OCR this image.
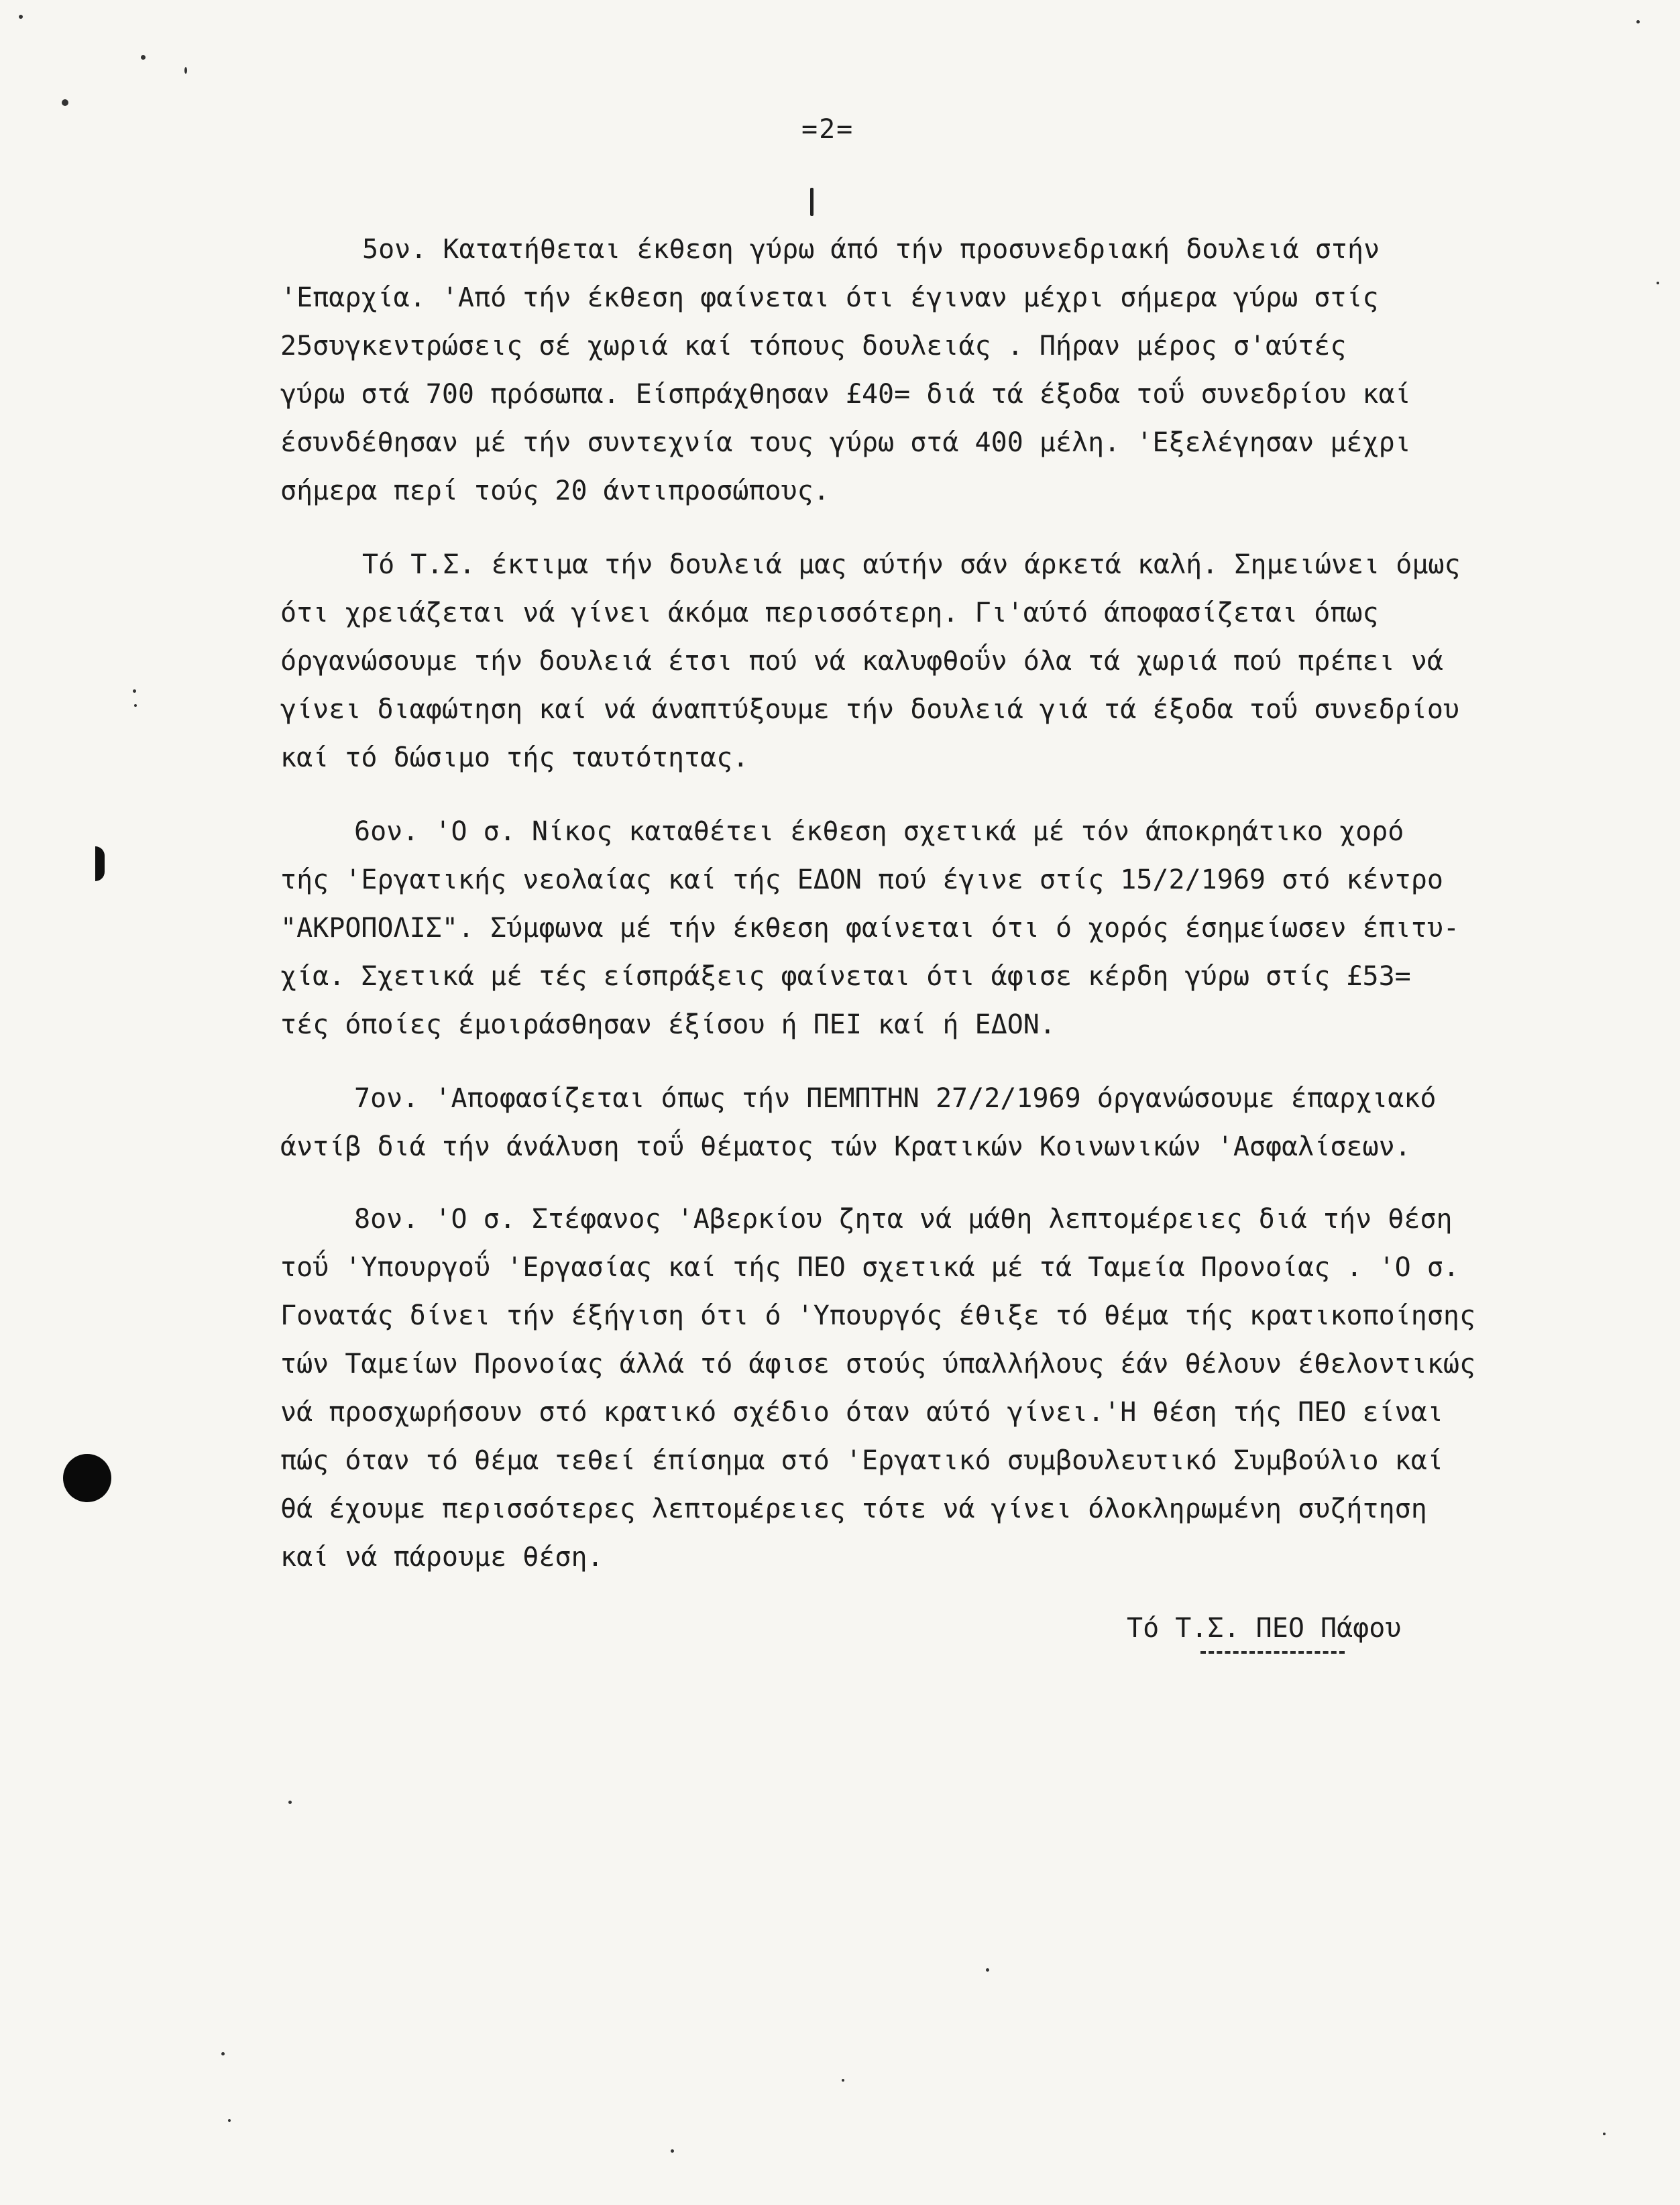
=2=
5ον. Κατατήθεται έκθεση γύρω άπό τήν προσυνεδριακή δουλειά στήν
'Επαρχία. 'Από τήν έκθεση φαίνεται ότι έγιναν μέχρι σήμερα γύρω στίς
25συγκεντρώσεις σέ χωριά καί τόπους δουλειάς . Πήραν μέρος σ'αύτές
γύρω στά 700 πρόσωπα. Είσπράχθησαν £40= διά τά έξοδα τοΰ συνεδρίου καί
έσυνδέθησαν μέ τήν συντεχνία τους γύρω στά 400 μέλη. 'Εξελέγησαν μέχρι
σήμερα περί τούς 20 άντιπροσώπους.
Τό Τ.Σ. έκτιμα τήν δουλειά μας αύτήν σάν άρκετά καλή. Σημειώνει όμως
ότι χρειάζεται νά γίνει άκόμα περισσότερη. Γι'αύτό άποφασίζεται όπως
όργανώσουμε τήν δουλειά έτσι πού νά καλυφθοΰν όλα τά χωριά πού πρέπει νά
γίνει διαφώτηση καί νά άναπτύξουμε τήν δουλειά γιά τά έξοδα τοΰ συνεδρίου
καί τό δώσιμο τής ταυτότητας.
6ον. 'Ο σ. Νίκος καταθέτει έκθεση σχετικά μέ τόν άποκρηάτικο χορό
τής 'Εργατικής νεολαίας καί τής ΕΔΟΝ πού έγινε στίς 15/2/1969 στό κέντρο
"ΑΚΡΟΠΟΛΙΣ". Σύμφωνα μέ τήν έκθεση φαίνεται ότι ό χορός έσημείωσεν έπιτυ-
χία. Σχετικά μέ τές είσπράξεις φαίνεται ότι άφισε κέρδη γύρω στίς £53=
τές όποίες έμοιράσθησαν έξίσου ή ΠΕΙ καί ή ΕΔΟΝ.
7ον. 'Αποφασίζεται όπως τήν ΠΕΜΠΤΗΝ 27/2/1969 όργανώσουμε έπαρχιακό
άντίβ διά τήν άνάλυση τοΰ θέματος τών Κρατικών Κοινωνικών 'Ασφαλίσεων.
8ον. 'Ο σ. Στέφανος 'Αβερκίου ζητα νά μάθη λεπτομέρειες διά τήν θέση
τοΰ 'Υπουργοΰ 'Εργασίας καί τής ΠΕΟ σχετικά μέ τά Ταμεία Προνοίας . 'Ο σ.
Γονατάς δίνει τήν έξήγιση ότι ό 'Υπουργός έθιξε τό θέμα τής κρατικοποίησης
τών Ταμείων Προνοίας άλλά τό άφισε στούς ύπαλλήλους έάν θέλουν έθελοντικώς
νά προσχωρήσουν στό κρατικό σχέδιο όταν αύτό γίνει.'Η θέση τής ΠΕΟ είναι
πώς όταν τό θέμα τεθεί έπίσημα στό 'Εργατικό συμβουλευτικό Συμβούλιο καί
θά έχουμε περισσότερες λεπτομέρειες τότε νά γίνει όλοκληρωμένη συζήτηση
καί νά πάρουμε θέση.
Τό Τ.Σ. ΠΕΟ Πάφου
